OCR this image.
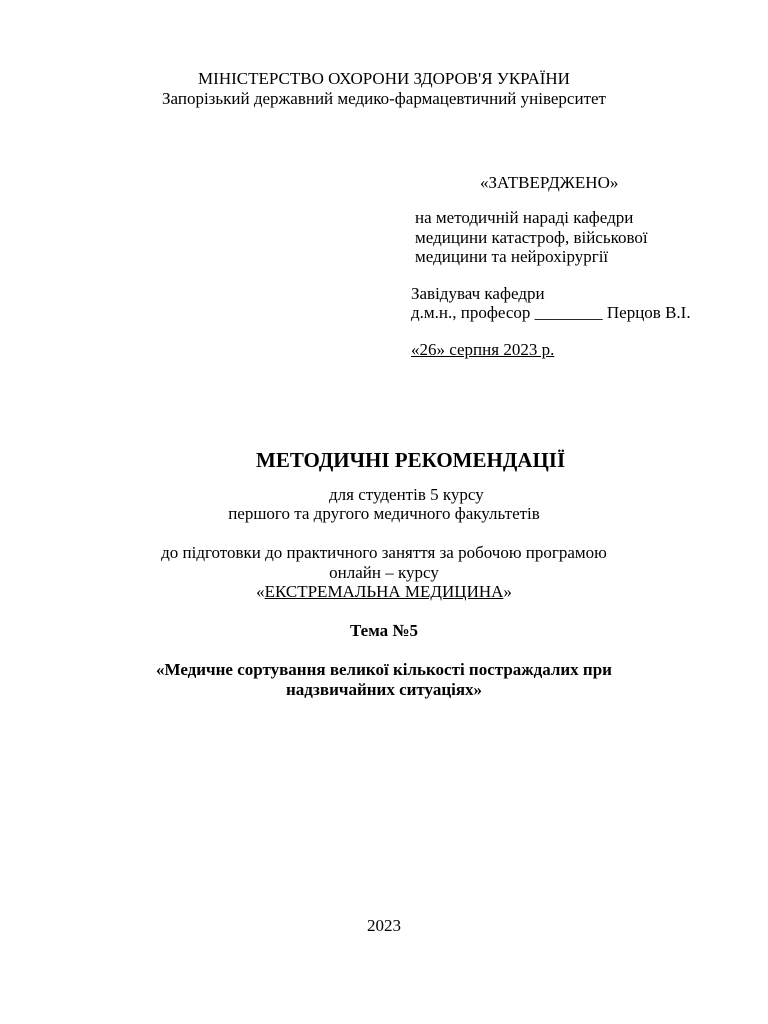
МІНІСТЕРСТВО ОХОРОНИ ЗДОРОВ'Я УКРАЇНИ
Запорізький державний медико-фармацевтичний університет
«ЗАТВЕРДЖЕНО»
на методичній нараді кафедри
медицини катастроф, військової
медицини та нейрохірургії
Завідувач кафедри
д.м.н., професор ________ Перцов В.І.
«26» серпня 2023 р.
МЕТОДИЧНІ РЕКОМЕНДАЦІЇ
для студентів 5 курсу
першого та другого медичного факультетів
до підготовки до практичного заняття за робочою програмою
онлайн – курсу
«ЕКСТРЕМАЛЬНА МЕДИЦИНА»
Тема №5
«Медичне сортування великої кількості постраждалих при
надзвичайних ситуаціях»
2023
